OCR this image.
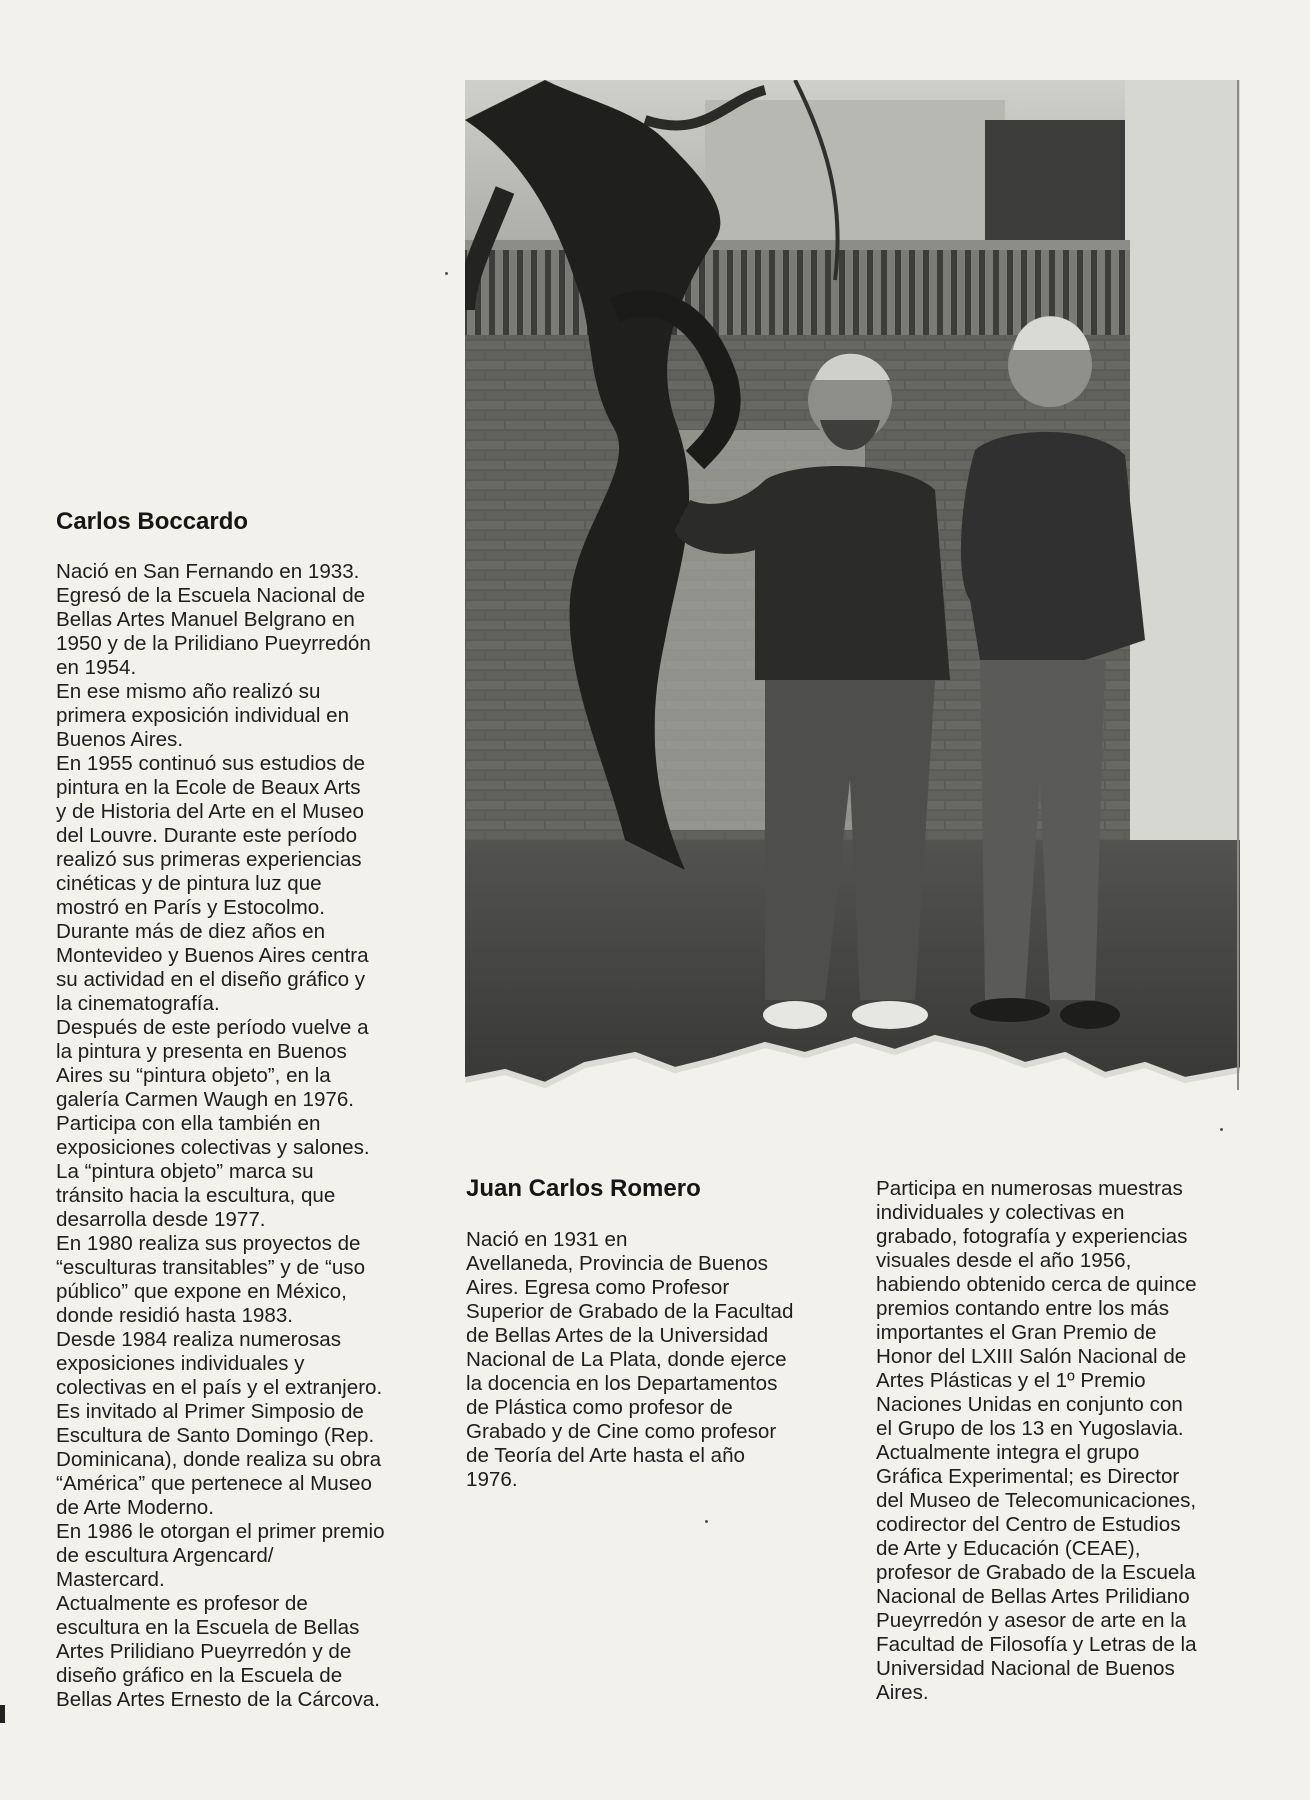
Carlos Boccardo

Nació en San Fernando en 1933.

Egresó de la Escuela Nacional de

Bellas Artes Manuel Belgrano en

1950 y de la Prilidiano Pueyrredón

en 1954.

En ese mismo año realizó su

primera exposición individual en

Buenos Aires.

En 1955 continuó sus estudios de

pintura en la Ecole de Beaux Arts

y de Historia del Arte en el Museo

del Louvre. Durante este período

realizó sus primeras experiencias

cinéticas y de pintura luz que

mostró en París y Estocolmo.

Durante más de diez años en

Montevideo y Buenos Aires centra

su actividad en el diseño gráfico y

la cinematografía.

Después de este período vuelve a

la pintura y presenta en Buenos

Aires su “pintura objeto”, en la

galería Carmen Waugh en 1976.

Participa con ella también en

exposiciones colectivas y salones.

La “pintura objeto” marca su

tránsito hacia la escultura, que

desarrolla desde 1977.

En 1980 realiza sus proyectos de

“esculturas transitables” y de “uso

público” que expone en México,

donde residió hasta 1983.

Desde 1984 realiza numerosas

exposiciones individuales y

colectivas en el país y el extranjero.

Es invitado al Primer Simposio de

Escultura de Santo Domingo (Rep.

Dominicana), donde realiza su obra

“América” que pertenece al Museo

de Arte Moderno.

En 1986 le otorgan el primer premio

de escultura Argencard/

Mastercard.

Actualmente es profesor de

escultura en la Escuela de Bellas

Artes Prilidiano Pueyrredón y de

diseño gráfico en la Escuela de

Bellas Artes Ernesto de la Cárcova.

Juan Carlos Romero

Nació en 1931 en

Avellaneda, Provincia de Buenos

Aires. Egresa como Profesor

Superior de Grabado de la Facultad

de Bellas Artes de la Universidad

Nacional de La Plata, donde ejerce

la docencia en los Departamentos

de Plástica como profesor de

Grabado y de Cine como profesor

de Teoría del Arte hasta el año

1976.

Participa en numerosas muestras

individuales y colectivas en

grabado, fotografía y experiencias

visuales desde el año 1956,

habiendo obtenido cerca de quince

premios contando entre los más

importantes el Gran Premio de

Honor del LXIII Salón Nacional de

Artes Plásticas y el 1º Premio

Naciones Unidas en conjunto con

el Grupo de los 13 en Yugoslavia.

Actualmente integra el grupo

Gráfica Experimental; es Director

del Museo de Telecomunicaciones,

codirector del Centro de Estudios

de Arte y Educación (CEAE),

profesor de Grabado de la Escuela

Nacional de Bellas Artes Prilidiano

Pueyrredón y asesor de arte en la

Facultad de Filosofía y Letras de la

Universidad Nacional de Buenos

Aires.
